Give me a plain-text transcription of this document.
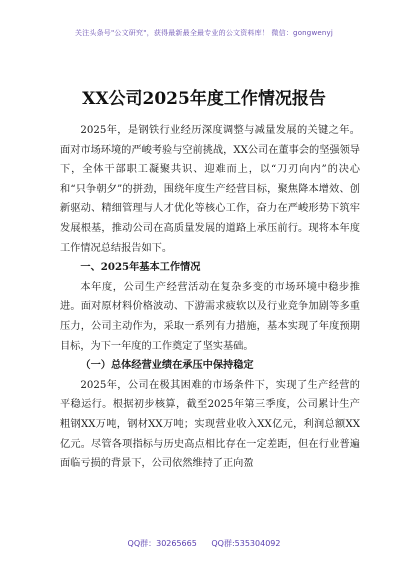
关注头条号"公文研究"，获得最新最全最专业的公文资料库！ 微信：gongwenyj
XX公司2025年度工作情况报告

2025年，是钢铁行业经历深度调整与减量发展的关键之年。面对市场环境的严峻考验与空前挑战，XX公司在董事会的坚强领导下，全体干部职工凝聚共识、迎难而上，以“刀刃向内”的决心和“只争朝夕”的拼劲，围绕年度生产经营目标，聚焦降本增效、创新驱动、精细管理与人才优化等核心工作，奋力在严峻形势下筑牢发展根基，推动公司在高质量发展的道路上承压前行。现将本年度工作情况总结报告如下。

一、2025年基本工作情况

本年度，公司生产经营活动在复杂多变的市场环境中稳步推进。面对原材料价格波动、下游需求疲软以及行业竞争加剧等多重压力，公司主动作为，采取一系列有力措施，基本实现了年度预期目标，为下一年度的工作奠定了坚实基础。

（一）总体经营业绩在承压中保持稳定

2025年，公司在极其困难的市场条件下，实现了生产经营的平稳运行。根据初步核算，截至2025年第三季度，公司累计生产粗钢XX万吨，钢材XX万吨；实现营业收入XX亿元，利润总额XX亿元。尽管各项指标与历史高点相比存在一定差距，但在行业普遍面临亏损的背景下，公司依然维持了正向盈

QQ群：30265665 QQ群:535304092
